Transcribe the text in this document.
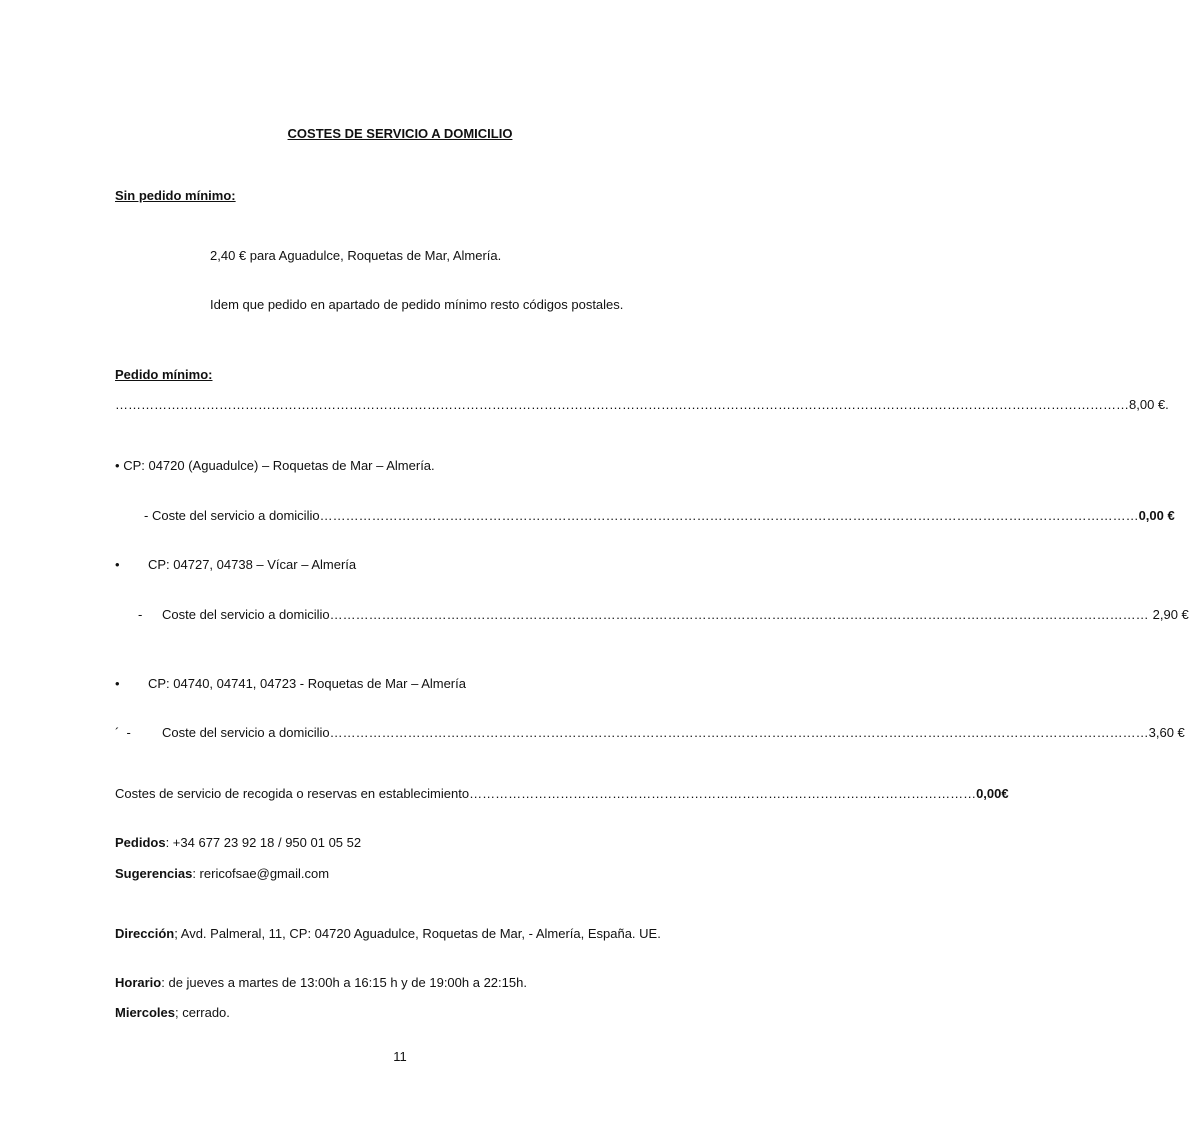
COSTES DE SERVICIO A DOMICILIO
Sin pedido mínimo:
2,40 € para Aguadulce, Roquetas de Mar, Almería.
Idem que pedido en apartado de pedido mínimo resto códigos postales.
Pedido mínimo:
……………………………………………………………………………………………………………………………………………………………………………………………………………… 8,00 €.
• CP: 04720 (Aguadulce) – Roquetas de Mar – Almería.
- Coste del servicio a domicilio ……………………………………………………………………………………………………………………………………………………………………… 0,00 €
• CP: 04727, 04738 – Vícar – Almería
- Coste del servicio a domicilio ……………………………………………………………………………………………………………………………………………………………………… 2,90 €
• CP: 04740, 04741, 04723 - Roquetas de Mar – Almería
´  - Coste del servicio a domicilio ……………………………………………………………………………………………………………………………………………………………………… 3,60 €
Costes de servicio de recogida o reservas en establecimiento ……………………………………………………………………………………………………… 0,00€
Pedidos: +34 677 23 92 18 / 950 01 05 52
Sugerencias: rericofsae@gmail.com
Dirección; Avd. Palmeral, 11, CP: 04720 Aguadulce, Roquetas de Mar, - Almería, España. UE.
Horario: de jueves a martes de 13:00h a 16:15 h y de 19:00h a 22:15h.
Miercoles; cerrado.
11
